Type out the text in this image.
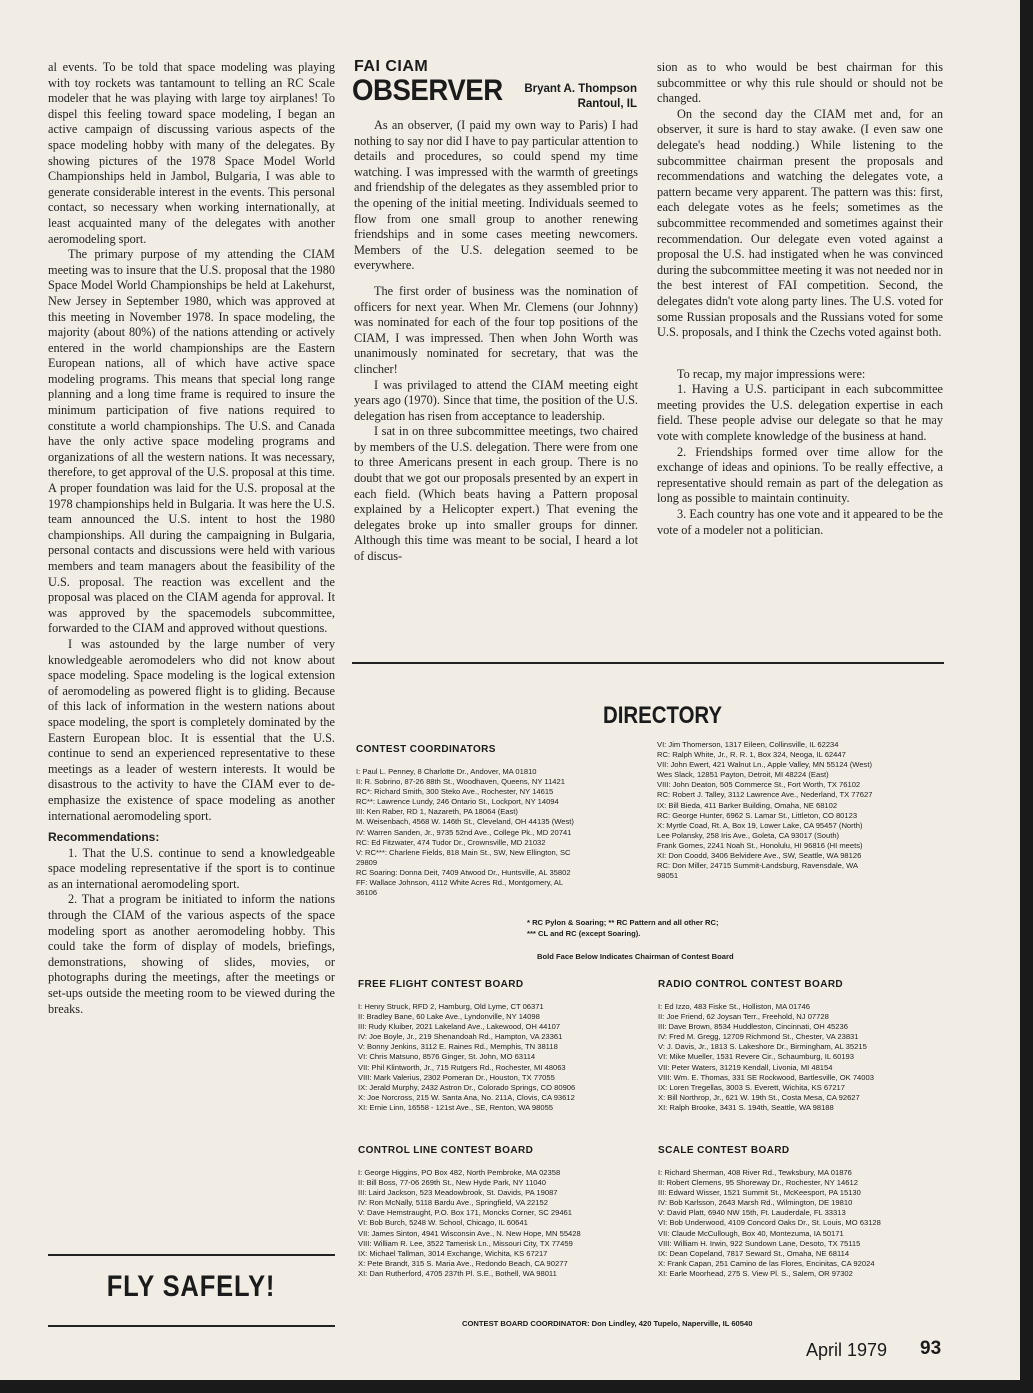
al events. To be told that space modeling was playing with toy rockets was tantamount to telling an RC Scale modeler that he was playing with large toy airplanes! To dispel this feeling toward space modeling, I began an active campaign of discussing various aspects of the space modeling hobby with many of the delegates. By showing pictures of the 1978 Space Model World Championships held in Jambol, Bulgaria, I was able to generate considerable interest in the events. This personal contact, so necessary when working internationally, at least acquainted many of the delegates with another aeromodeling sport.

The primary purpose of my attending the CIAM meeting was to insure that the U.S. proposal that the 1980 Space Model World Championships be held at Lakehurst, New Jersey in September 1980, which was approved at this meeting in November 1978. In space modeling, the majority (about 80%) of the nations attending or actively entered in the world championships are the Eastern European nations, all of which have active space modeling programs. This means that special long range planning and a long time frame is required to insure the minimum participation of five nations required to constitute a world championships. The U.S. and Canada have the only active space modeling programs and organizations of all the western nations. It was necessary, therefore, to get approval of the U.S. proposal at this time. A proper foundation was laid for the U.S. proposal at the 1978 championships held in Bulgaria. It was here the U.S. team announced the U.S. intent to host the 1980 championships. All during the campaigning in Bulgaria, personal contacts and discussions were held with various members and team managers about the feasibility of the U.S. proposal. The reaction was excellent and the proposal was placed on the CIAM agenda for approval. It was approved by the spacemodels subcommittee, forwarded to the CIAM and approved without questions.

I was astounded by the large number of very knowledgeable aeromodelers who did not know about space modeling. Space modeling is the logical extension of aeromodeling as powered flight is to gliding. Because of this lack of information in the western nations about space modeling, the sport is completely dominated by the Eastern European bloc. It is essential that the U.S. continue to send an experienced representative to these meetings as a leader of western interests. It would be disastrous to the activity to have the CIAM ever to de-emphasize the existence of space modeling as another international aeromodeling sport.

Recommendations:

1. That the U.S. continue to send a knowledgeable space modeling representative if the sport is to continue as an international aeromodeling sport.

2. That a program be initiated to inform the nations through the CIAM of the various aspects of the space modeling sport as another aeromodeling hobby. This could take the form of display of models, briefings, demonstrations, showing of slides, movies, or photographs during the meetings, after the meetings or set-ups outside the meeting room to be viewed during the breaks.

FLY SAFELY!
FAI CIAM
OBSERVER	Bryant A. Thompson
Rantoul, IL

As an observer, (I paid my own way to Paris) I had nothing to say nor did I have to pay particular attention to details and procedures, so could spend my time watching. I was impressed with the warmth of greetings and friendship of the delegates as they assembled prior to the opening of the initial meeting. Individuals seemed to flow from one small group to another renewing friendships and in some cases meeting newcomers. Members of the U.S. delegation seemed to be everywhere.

The first order of business was the nomination of officers for next year. When Mr. Clemens (our Johnny) was nominated for each of the four top positions of the CIAM, I was impressed. Then when John Worth was unanimously nominated for secretary, that was the clincher!

I was privilaged to attend the CIAM meeting eight years ago (1970). Since that time, the position of the U.S. delegation has risen from acceptance to leadership.

I sat in on three subcommittee meetings, two chaired by members of the U.S. delegation. There were from one to three Americans present in each group. There is no doubt that we got our proposals presented by an expert in each field. (Which beats having a Pattern proposal explained by a Helicopter expert.) That evening the delegates broke up into smaller groups for dinner. Although this time was meant to be social, I heard a lot of discus-

sion as to who would be best chairman for this subcommittee or why this rule should or should not be changed.

On the second day the CIAM met and, for an observer, it sure is hard to stay awake. (I even saw one delegate's head nodding.) While listening to the subcommittee chairman present the proposals and recommendations and watching the delegates vote, a pattern became very apparent. The pattern was this: first, each delegate votes as he feels; sometimes as the subcommittee recommended and sometimes against their recommendation. Our delegate even voted against a proposal the U.S. had instigated when he was convinced during the subcommittee meeting it was not needed nor in the best interest of FAI competition. Second, the delegates didn't vote along party lines. The U.S. voted for some Russian proposals and the Russians voted for some U.S. proposals, and I think the Czechs voted against both.

To recap, my major impressions were:

1. Having a U.S. participant in each subcommittee meeting provides the U.S. delegation expertise in each field. These people advise our delegate so that he may vote with complete knowledge of the business at hand.

2. Friendships formed over time allow for the exchange of ideas and opinions. To be really effective, a representative should remain as part of the delegation as long as possible to maintain continuity.

3. Each country has one vote and it appeared to be the vote of a modeler not a politician.

DIRECTORY
CONTEST COORDINATORS
I: Paul L. Penney, 8 Charlotte Dr., Andover, MA 01810
II: R. Sobrino, 87-26 88th St., Woodhaven, Queens, NY 11421
RC*: Richard Smith, 300 Steko Ave., Rochester, NY 14615
RC**: Lawrence Lundy, 246 Ontario St., Lockport, NY 14094
III: Ken Raber, RD 1, Nazareth, PA 18064 (East)
M. Weisenbach, 4568 W. 146th St., Cleveland, OH 44135 (West)
IV: Warren Sanden, Jr., 9735 52nd Ave., College Pk., MD 20741
RC: Ed Fitzwater, 474 Tudor Dr., Crownsville, MD 21032
V: RC***: Charlene Fields, 818 Main St., SW, New Ellington, SC
29809
RC Soaring: Donna Deit, 7409 Atwood Dr., Huntsville, AL 35802
FF: Wallace Johnson, 4112 White Acres Rd., Montgomery, AL
36106
VI: Jim Thomerson, 1317 Eileen, Collinsville, IL 62234
RC: Ralph White, Jr., R. R. 1, Box 324, Neoga, IL 62447
VII: John Ewert, 421 Walnut Ln., Apple Valley, MN 55124 (West)
Wes Slack, 12851 Payton, Detroit, MI 48224 (East)
VIII: John Deaton, 505 Commerce St., Fort Worth, TX 76102
RC: Robert J. Talley, 3112 Lawrence Ave., Nederland, TX 77627
IX: Bill Bieda, 411 Barker Building, Omaha, NE 68102
RC: George Hunter, 6962 S. Lamar St., Littleton, CO 80123
X: Myrtle Coad, Rt. A, Box 19, Lower Lake, CA 95457 (North)
Lee Polansky, 258 Iris Ave., Goleta, CA 93017 (South)
Frank Gomes, 2241 Noah St., Honolulu, HI 96816 (HI meets)
XI: Don Coodd, 3406 Belvidere Ave., SW, Seattle, WA 98126
RC: Don Miller, 24715 Summit-Landsburg, Ravensdale, WA
98051
* RC Pylon & Soaring; ** RC Pattern and all other RC;
*** CL and RC (except Soaring).
Bold Face Below Indicates Chairman of Contest Board
FREE FLIGHT CONTEST BOARD
I: Henry Struck, RFD 2, Hamburg, Old Lyme, CT 06371
II: Bradley Bane, 60 Lake Ave., Lyndonville, NY 14098
III: Rudy Kluiber, 2021 Lakeland Ave., Lakewood, OH 44107
IV: Joe Boyle, Jr., 219 Shenandoah Rd., Hampton, VA 23361
V: Bonny Jenkins, 3112 E. Raines Rd., Memphis, TN 38118
VI: Chris Matsuno, 8576 Ginger, St. John, MO 63114
VII: Phil Klintworth, Jr., 715 Rutgers Rd., Rochester, MI 48063
VIII: Mark Valerius, 2302 Pomeran Dr., Houston, TX 77055
IX: Jerald Murphy, 2432 Astron Dr., Colorado Springs, CO 80906
X: Joe Norcross, 215 W. Santa Ana, No. 211A, Clovis, CA 93612
XI: Ernie Linn, 16558 - 121st Ave., SE, Renton, WA 98055
RADIO CONTROL CONTEST BOARD
I: Ed Izzo, 483 Fiske St., Holliston, MA 01746
II: Joe Friend, 62 Joysan Terr., Freehold, NJ 07728
III: Dave Brown, 8534 Huddleston, Cincinnati, OH 45236
IV: Fred M. Gregg, 12709 Richmond St., Chester, VA 23831
V: J. Davis, Jr., 1813 S. Lakeshore Dr., Birmingham, AL 35215
VI: Mike Mueller, 1531 Revere Cir., Schaumburg, IL 60193
VII: Peter Waters, 31219 Kendall, Livonia, MI 48154
VIII: Wm. E. Thomas, 331 SE Rockwood, Bartlesville, OK 74003
IX: Loren Tregellas, 3003 S. Everett, Wichita, KS 67217
X: Bill Northrop, Jr., 621 W. 19th St., Costa Mesa, CA 92627
XI: Ralph Brooke, 3431 S. 194th, Seattle, WA 98188
CONTROL LINE CONTEST BOARD
I: George Higgins, PO Box 482, North Pembroke, MA 02358
II: Bill Boss, 77-06 269th St., New Hyde Park, NY 11040
III: Laird Jackson, 523 Meadowbrook, St. Davids, PA 19087
IV: Ron McNally, 5118 Bardu Ave., Springfield, VA 22152
V: Dave Hemstraught, P.O. Box 171, Moncks Corner, SC 29461
VI: Bob Burch, 5248 W. School, Chicago, IL 60641
VII: James Sinton, 4941 Wisconsin Ave., N. New Hope, MN 55428
VIII: William R. Lee, 3522 Tamerisk Ln., Missouri City, TX 77459
IX: Michael Tallman, 3014 Exchange, Wichita, KS 67217
X: Pete Brandt, 315 S. Maria Ave., Redondo Beach, CA 90277
XI: Dan Rutherford, 4705 237th Pl. S.E., Bothell, WA 98011
SCALE CONTEST BOARD
I: Richard Sherman, 408 River Rd., Tewksbury, MA 01876
II: Robert Clemens, 95 Shoreway Dr., Rochester, NY 14612
III: Edward Wisser, 1521 Summit St., McKeesport, PA 15130
IV: Bob Karlsson, 2643 Marsh Rd., Wilmington, DE 19810
V: David Platt, 6940 NW 15th, Ft. Lauderdale, FL 33313
VI: Bob Underwood, 4109 Concord Oaks Dr., St. Louis, MO 63128
VII: Claude McCullough, Box 40, Montezuma, IA 50171
VIII: William H. Irwin, 922 Sundown Lane, Desoto, TX 75115
IX: Dean Copeland, 7817 Seward St., Omaha, NE 68114
X: Frank Capan, 251 Camino de las Flores, Encinitas, CA 92024
XI: Earle Moorhead, 275 S. View Pl. S., Salem, OR 97302
CONTEST BOARD COORDINATOR: Don Lindley, 420 Tupelo, Naperville, IL 60540
April 1979 93
